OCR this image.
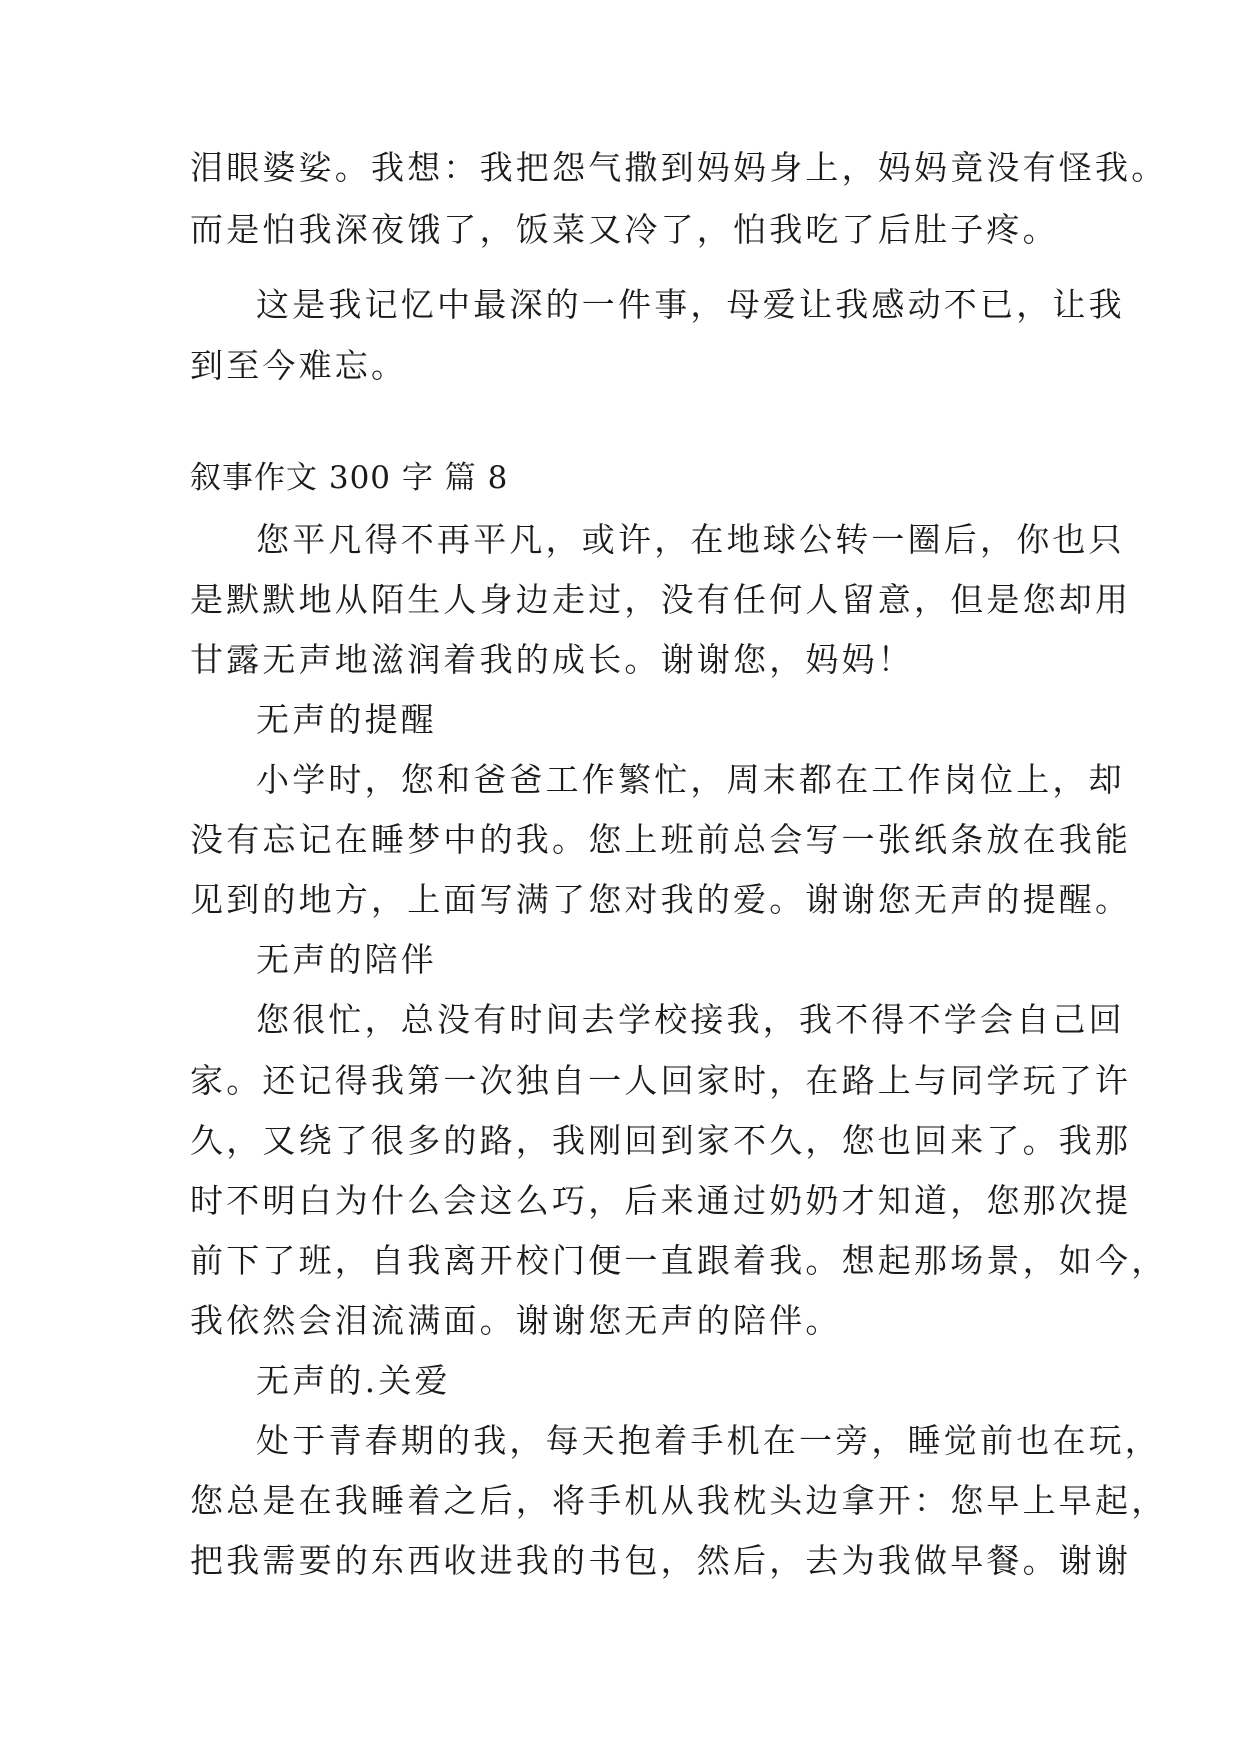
泪眼婆娑。我想：我把怨气撒到妈妈身上，妈妈竟没有怪我。
而是怕我深夜饿了，饭菜又冷了，怕我吃了后肚子疼。
这是我记忆中最深的一件事，母爱让我感动不已，让我
到至今难忘。
叙事作文 300 字 篇 8
您平凡得不再平凡，或许，在地球公转一圈后，你也只
是默默地从陌生人身边走过，没有任何人留意，但是您却用
甘露无声地滋润着我的成长。谢谢您，妈妈！
无声的提醒
小学时，您和爸爸工作繁忙，周末都在工作岗位上，却
没有忘记在睡梦中的我。您上班前总会写一张纸条放在我能
见到的地方，上面写满了您对我的爱。谢谢您无声的提醒。
无声的陪伴
您很忙，总没有时间去学校接我，我不得不学会自己回
家。还记得我第一次独自一人回家时，在路上与同学玩了许
久，又绕了很多的路，我刚回到家不久，您也回来了。我那
时不明白为什么会这么巧，后来通过奶奶才知道，您那次提
前下了班，自我离开校门便一直跟着我。想起那场景，如今，
我依然会泪流满面。谢谢您无声的陪伴。
无声的.关爱
处于青春期的我，每天抱着手机在一旁，睡觉前也在玩，
您总是在我睡着之后，将手机从我枕头边拿开：您早上早起，
把我需要的东西收进我的书包，然后，去为我做早餐。谢谢
